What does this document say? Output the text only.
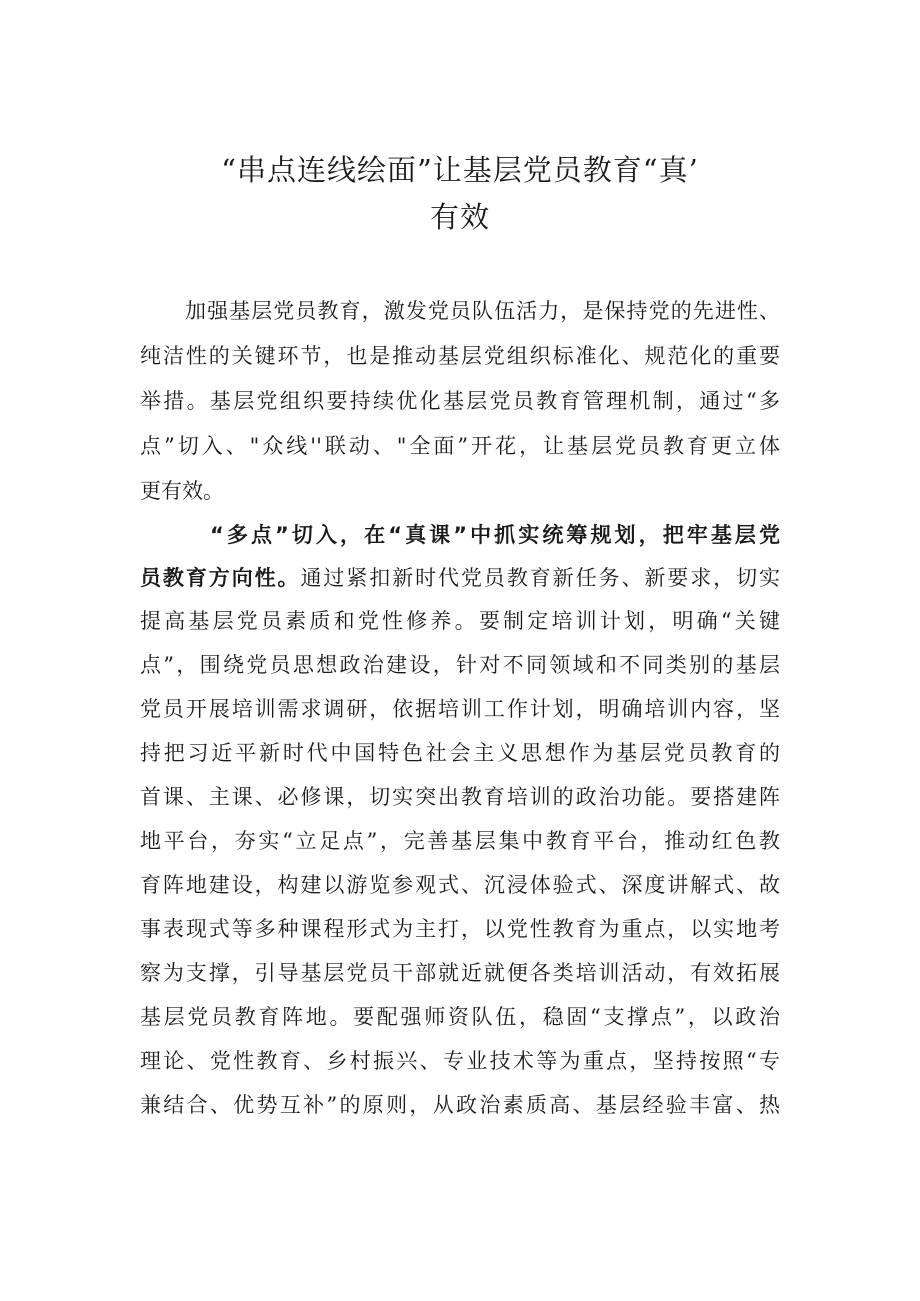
“串点连线绘面”让基层党员教育“真’
有效
加强基层党员教育，激发党员队伍活力，是保持党的先进性、
纯洁性的关键环节，也是推动基层党组织标准化、规范化的重要
举措。基层党组织要持续优化基层党员教育管理机制，通过“多
点”切入、"众线''联动、"全面”开花，让基层党员教育更立体
更有效。
“多点”切入，在“真课”中抓实统筹规划，把牢基层党
员教育方向性。通过紧扣新时代党员教育新任务、新要求，切实
提高基层党员素质和党性修养。要制定培训计划，明确“关键
点”，围绕党员思想政治建设，针对不同领域和不同类别的基层
党员开展培训需求调研，依据培训工作计划，明确培训内容，坚
持把习近平新时代中国特色社会主义思想作为基层党员教育的
首课、主课、必修课，切实突出教育培训的政治功能。要搭建阵
地平台，夯实“立足点”，完善基层集中教育平台，推动红色教
育阵地建设，构建以游览参观式、沉浸体验式、深度讲解式、故
事表现式等多种课程形式为主打，以党性教育为重点，以实地考
察为支撑，引导基层党员干部就近就便各类培训活动，有效拓展
基层党员教育阵地。要配强师资队伍，稳固“支撑点”，以政治
理论、党性教育、乡村振兴、专业技术等为重点，坚持按照“专
兼结合、优势互补”的原则，从政治素质高、基层经验丰富、热
